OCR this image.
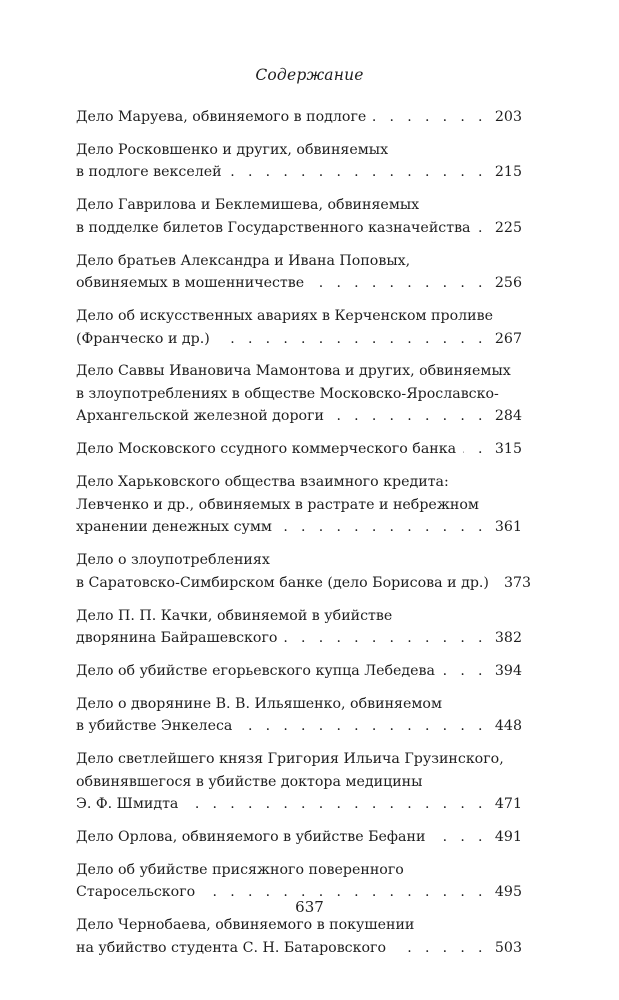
Содержание
Дело Маруева, обвиняемого в подлоге . . .	203
Дело Росковшенко и других, обвиняемых
в подлоге векселей . . .	215
Дело Гаврилова и Беклемишева, обвиняемых
в подделке билетов Государственного казначейства . . . 225
Дело братьев Александра и Ивана Поповых,
обвиняемых в мошенничестве . . .	256
Дело об искусственных авариях в Керченском проливе
(Франческо и др.) . . .	267
Дело Саввы Ивановича Мамонтова и других, обвиняемых
в злоупотреблениях в обществе Московско-Ярославско-
Архангельской железной дороги . . .	284
Дело Московского ссудного коммерческого банка . . .	315
Дело Харьковского общества взаимного кредита:
Левченко и др., обвиняемых в растрате и небрежном
хранении денежных сумм . . .	361
Дело о злоупотреблениях
в Саратовско-Симбирском банке (дело Борисова и др.) 373
Дело П. П. Качки, обвиняемой в убийстве
дворянина Байрашевского . . .	382
Дело об убийстве егорьевского купца Лебедева . . .	394
Дело о дворянине В. В. Ильяшенко, обвиняемом
в убийстве Энкелеса . . .	448
Дело светлейшего князя Григория Ильича Грузинского,
обвинявшегося в убийстве доктора медицины
Э. Ф. Шмидта . . .	471
Дело Орлова, обвиняемого в убийстве Бефани . . .	491
Дело об убийстве присяжного поверенного
Старосельского . . .	495
Дело Чернобаева, обвиняемого в покушении
на убийство студента С. Н. Батаровского . . .	503
637
